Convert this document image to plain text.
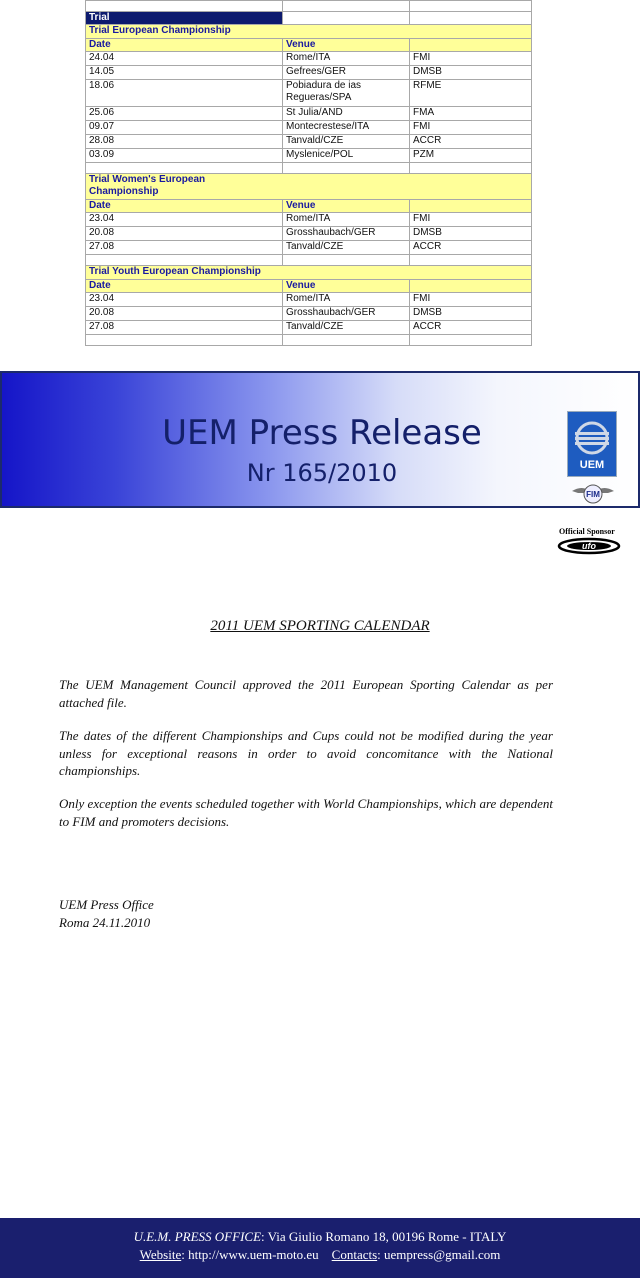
Trial		
Trial European Championship		
Date	Venue	
24.04	Rome/ITA	FMI
14.05	Gefrees/GER	DMSB
18.06	Pobiadura de ias Regueras/SPA	RFME
25.06	St Julia/AND	FMA
09.07	Montecrestese/ITA	FMI
28.08	Tanvald/CZE	ACCR
03.09	Myslenice/POL	PZM

Trial Women's European Championship		

Date	Venue	
23.04	Rome/ITA	FMI
20.08	Grosshaubach/GER	DMSB
27.08	Tanvald/CZE	ACCR

Trial Youth European Championship		
Date	Venue	
23.04	Rome/ITA	FMI
20.08	Grosshaubach/GER	DMSB
27.08	Tanvald/CZE	ACCR

UEM Press Release
Nr 165/2010	UEM
FIM
Official Sponsor
ufo
2011 UEM SPORTING CALENDAR

The UEM Management Council approved the 2011 European Sporting Calendar as per attached file.

The dates of the different Championships and Cups could not be modified during the year unless for exceptional reasons in order to avoid concomitance with the National championships.

Only exception the events scheduled together with World Championships, which are dependent to FIM and promoters decisions.

UEM Press Office
Roma 24.11.2010
U.E.M. PRESS OFFICE: Via Giulio Romano 18, 00196 Rome - ITALY
Website: http://www.uem-moto.eu Contacts: uempress@gmail.com
